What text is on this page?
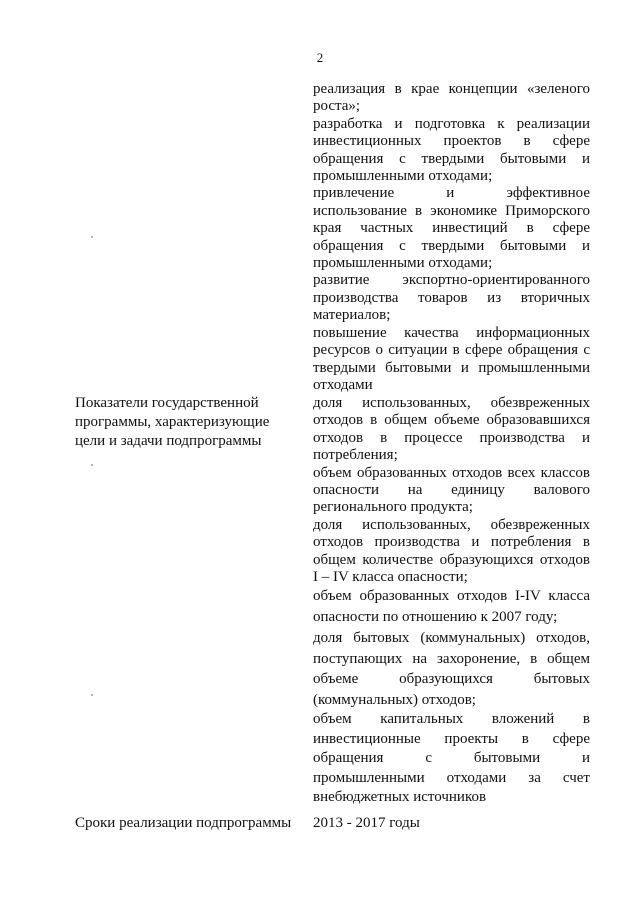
2

реализация в крае концепции «зеленого роста»;

разработка и подготовка к реализации инвестиционных проектов в сфере обращения с твердыми бытовыми и промышленными отходами;

привлечение и эффективное использование в экономике Приморского края частных инвестиций в сфере обращения с твердыми бытовыми и промышленными отходами;

развитие экспортно-ориентированного производства товаров из вторичных материалов;

повышение качества информационных ресурсов о ситуации в сфере обращения с твердыми бытовыми и промышленными отходами

Показатели государственной программы, характеризующие цели и задачи подпрограммы

доля использованных, обезвреженных отходов в общем объеме образовавшихся отходов в процессе производства и потребления;

объем образованных отходов всех классов опасности на единицу валового регионального продукта;

доля использованных, обезвреженных отходов производства и потребления в общем количестве образующихся отходов I – IV класса опасности;

объем образованных отходов I-IV класса опасности по отношению к 2007 году;

доля бытовых (коммунальных) отходов, поступающих на захоронение, в общем объеме образующихся бытовых (коммунальных) отходов;

объем капитальных вложений в инвестиционные проекты в сфере обращения с бытовыми и промышленными отходами за счет внебюджетных источников

Сроки реализации подпрограммы	2013 - 2017 годы
